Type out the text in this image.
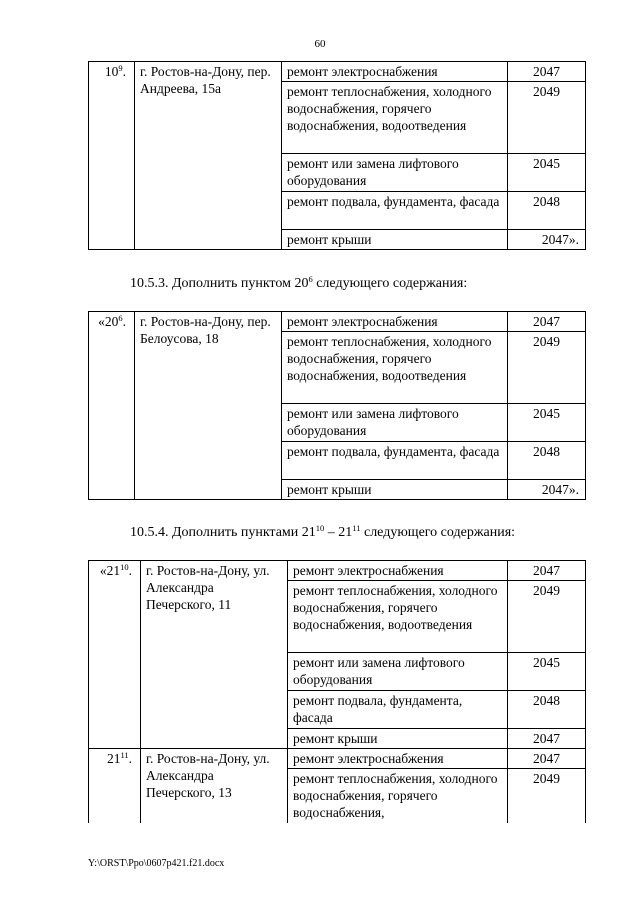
60
$10^9$.	г. Ростов-на-Дону, пер. Андреева, 15а	ремонт электроснабжения	2047
		ремонт теплоснабжения, холодного водоснабжения, горячего водоснабжения, водоотведения	2049
		ремонт или замена лифтового оборудования	2045
		ремонт подвала, фундамента, фасада	2048
		ремонт крыши	2047».
10.5.3. Дополнить пунктом $20^6$ следующего содержания:
«$20^6$.	г. Ростов-на-Дону, пер. Белоусова, 18	ремонт электроснабжения	2047
		ремонт теплоснабжения, холодного водоснабжения, горячего водоснабжения, водоотведения	2049
		ремонт или замена лифтового оборудования	2045
		ремонт подвала, фундамента, фасада	2048
		ремонт крыши	2047».
10.5.4. Дополнить пунктами $21^{10} - 21^{11}$ следующего содержания:
«$21^{10}$.	г. Ростов-на-Дону, ул. Александра Печерского, 11	ремонт электроснабжения	2047
		ремонт теплоснабжения, холодного водоснабжения, горячего водоснабжения, водоотведения	2049
		ремонт или замена лифтового оборудования	2045
		ремонт подвала, фундамента, фасада	2048
		ремонт крыши	2047
$21^{11}$.	г. Ростов-на-Дону, ул. Александра Печерского, 13	ремонт электроснабжения	2047
		ремонт теплоснабжения, холодного водоснабжения, горячего водоснабжения,	2049
Y:\ORST\Ppo\0607p421.f21.docx
